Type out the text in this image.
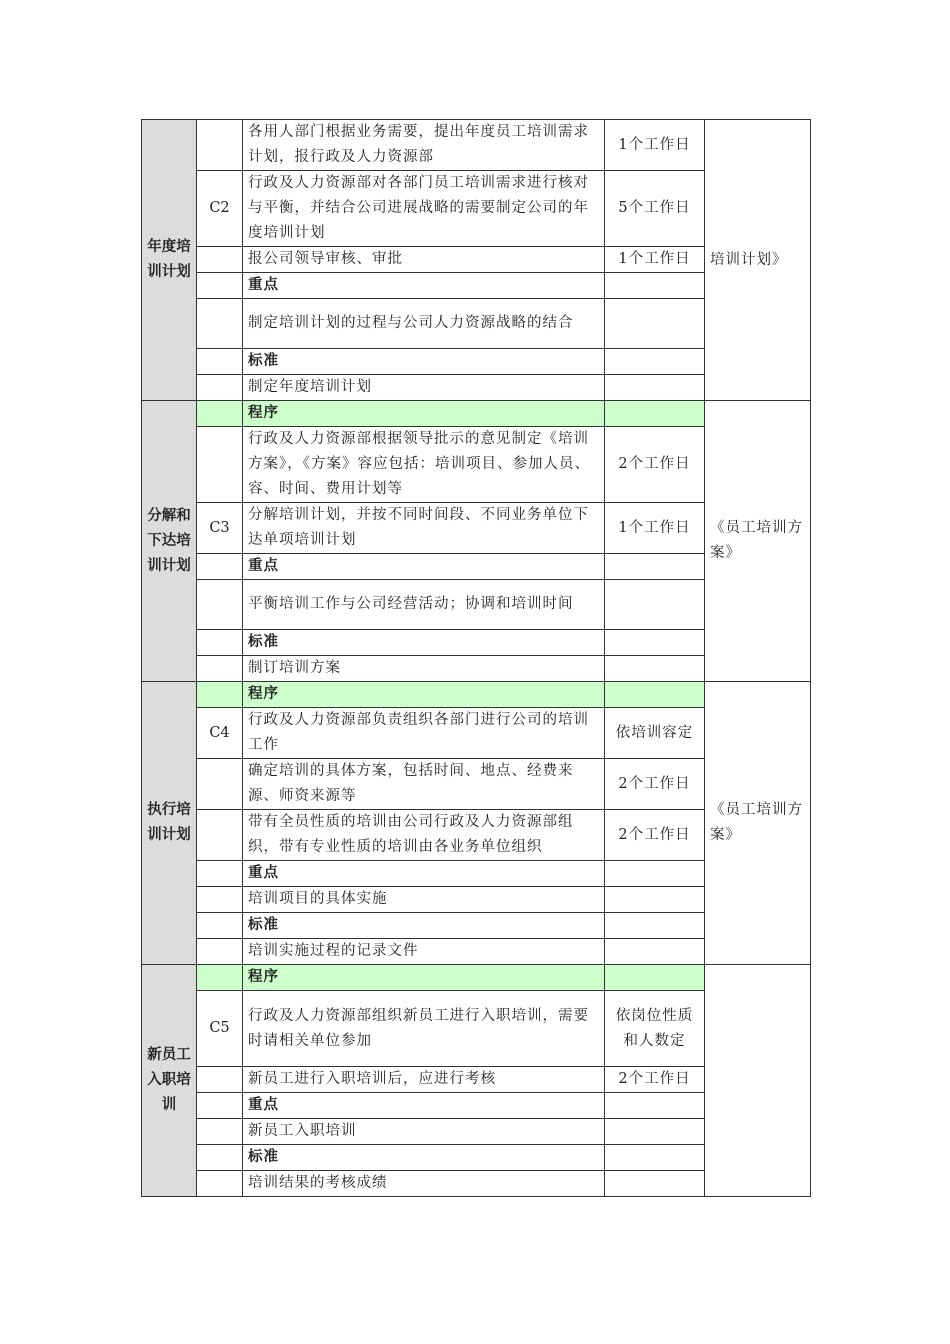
年度培训计划		各用人部门根据业务需要，提出年度员工培训需求计划，报行政及人力资源部	1个工作日	培训计划》
	C2	行政及人力资源部对各部门员工培训需求进行核对与平衡，并结合公司进展战略的需要制定公司的年度培训计划	5个工作日	
		报公司领导审核、审批	1个工作日	
		重点		
		制定培训计划的过程与公司人力资源战略的结合		
		标准		
		制定年度培训计划		
分解和下达培训计划		程序		《员工培训方案》
		行政及人力资源部根据领导批示的意见制定《培训方案》，《方案》容应包括：培训项目、参加人员、容、时间、费用计划等	2个工作日	
	C3	分解培训计划，并按不同时间段、不同业务单位下达单项培训计划	1个工作日	
		重点		
		平衡培训工作与公司经营活动；协调和培训时间		
		标准		
		制订培训方案		
执行培训计划		程序		《员工培训方案》
	C4	行政及人力资源部负责组织各部门进行公司的培训工作	依培训容定	
		确定培训的具体方案，包括时间、地点、经费来源、师资来源等	2个工作日	
		带有全员性质的培训由公司行政及人力资源部组织，带有专业性质的培训由各业务单位组织	2个工作日	
		重点		
		培训项目的具体实施		
		标准		
		培训实施过程的记录文件		
新员工入职培训		程序		
	C5	行政及人力资源部组织新员工进行入职培训，需要时请相关单位参加	依岗位性质和人数定	
		新员工进行入职培训后，应进行考核	2个工作日	
		重点		
		新员工入职培训		
		标准		
		培训结果的考核成绩		
